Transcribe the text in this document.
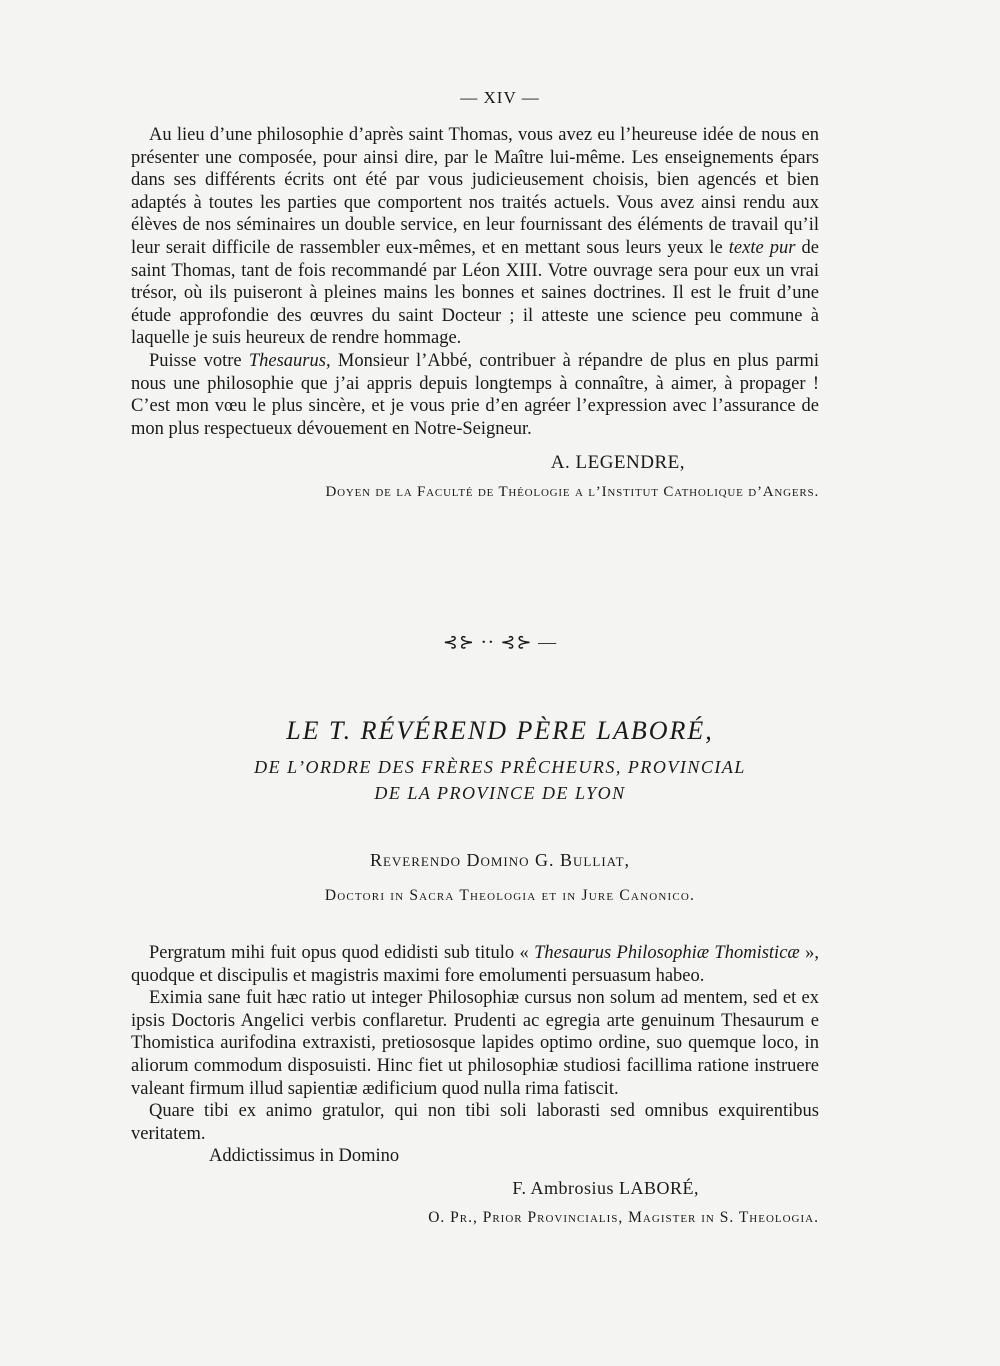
— XIV —

Au lieu d’une philosophie d’après saint Thomas, vous avez eu l’heureuse idée de nous en présenter une composée, pour ainsi dire, par le Maître lui-même. Les enseignements épars dans ses différents écrits ont été par vous judicieusement choisis, bien agencés et bien adaptés à toutes les parties que comportent nos traités actuels. Vous avez ainsi rendu aux élèves de nos séminaires un double service, en leur fournissant des éléments de travail qu’il leur serait difficile de rassembler eux-mêmes, et en mettant sous leurs yeux le texte pur de saint Thomas, tant de fois recommandé par Léon XIII. Votre ouvrage sera pour eux un vrai trésor, où ils puiseront à pleines mains les bonnes et saines doctrines. Il est le fruit d’une étude approfondie des œuvres du saint Docteur ; il atteste une science peu commune à laquelle je suis heureux de rendre hommage.

Puisse votre Thesaurus, Monsieur l’Abbé, contribuer à répandre de plus en plus parmi nous une philosophie que j’ai appris depuis longtemps à connaître, à aimer, à propager ! C’est mon vœu le plus sincère, et je vous prie d’en agréer l’expression avec l’assurance de mon plus respectueux dévouement en Notre-Seigneur.

A. LEGENDRE,
Doyen de la Faculté de Théologie a l’Institut Catholique d’Angers.
⊰⊱ ⋅⋅ ⊰⊱ —
LE T. RÉVÉREND PÈRE LABORÉ,
DE L’ORDRE DES FRÈRES PRÊCHEURS, PROVINCIAL
DE LA PROVINCE DE LYON
Reverendo Domino G. Bulliat,
Doctori in Sacra Theologia et in Jure Canonico.

Pergratum mihi fuit opus quod edidisti sub titulo « Thesaurus Philosophiæ Thomisticæ », quodque et discipulis et magistris maximi fore emolumenti persuasum habeo.

Eximia sane fuit hæc ratio ut integer Philosophiæ cursus non solum ad mentem, sed et ex ipsis Doctoris Angelici verbis conflaretur. Prudenti ac egregia arte genuinum Thesaurum e Thomistica aurifodina extraxisti, pretiososque lapides optimo ordine, suo quemque loco, in aliorum commodum disposuisti. Hinc fiet ut philosophiæ studiosi facillima ratione instruere valeant firmum illud sapientiæ ædificium quod nulla rima fatiscit.

Quare tibi ex animo gratulor, qui non tibi soli laborasti sed omnibus exquirentibus veritatem.

Addictissimus in Domino
F. Ambrosius LABORÉ,
O. Pr., Prior Provincialis, Magister in S. Theologia.
